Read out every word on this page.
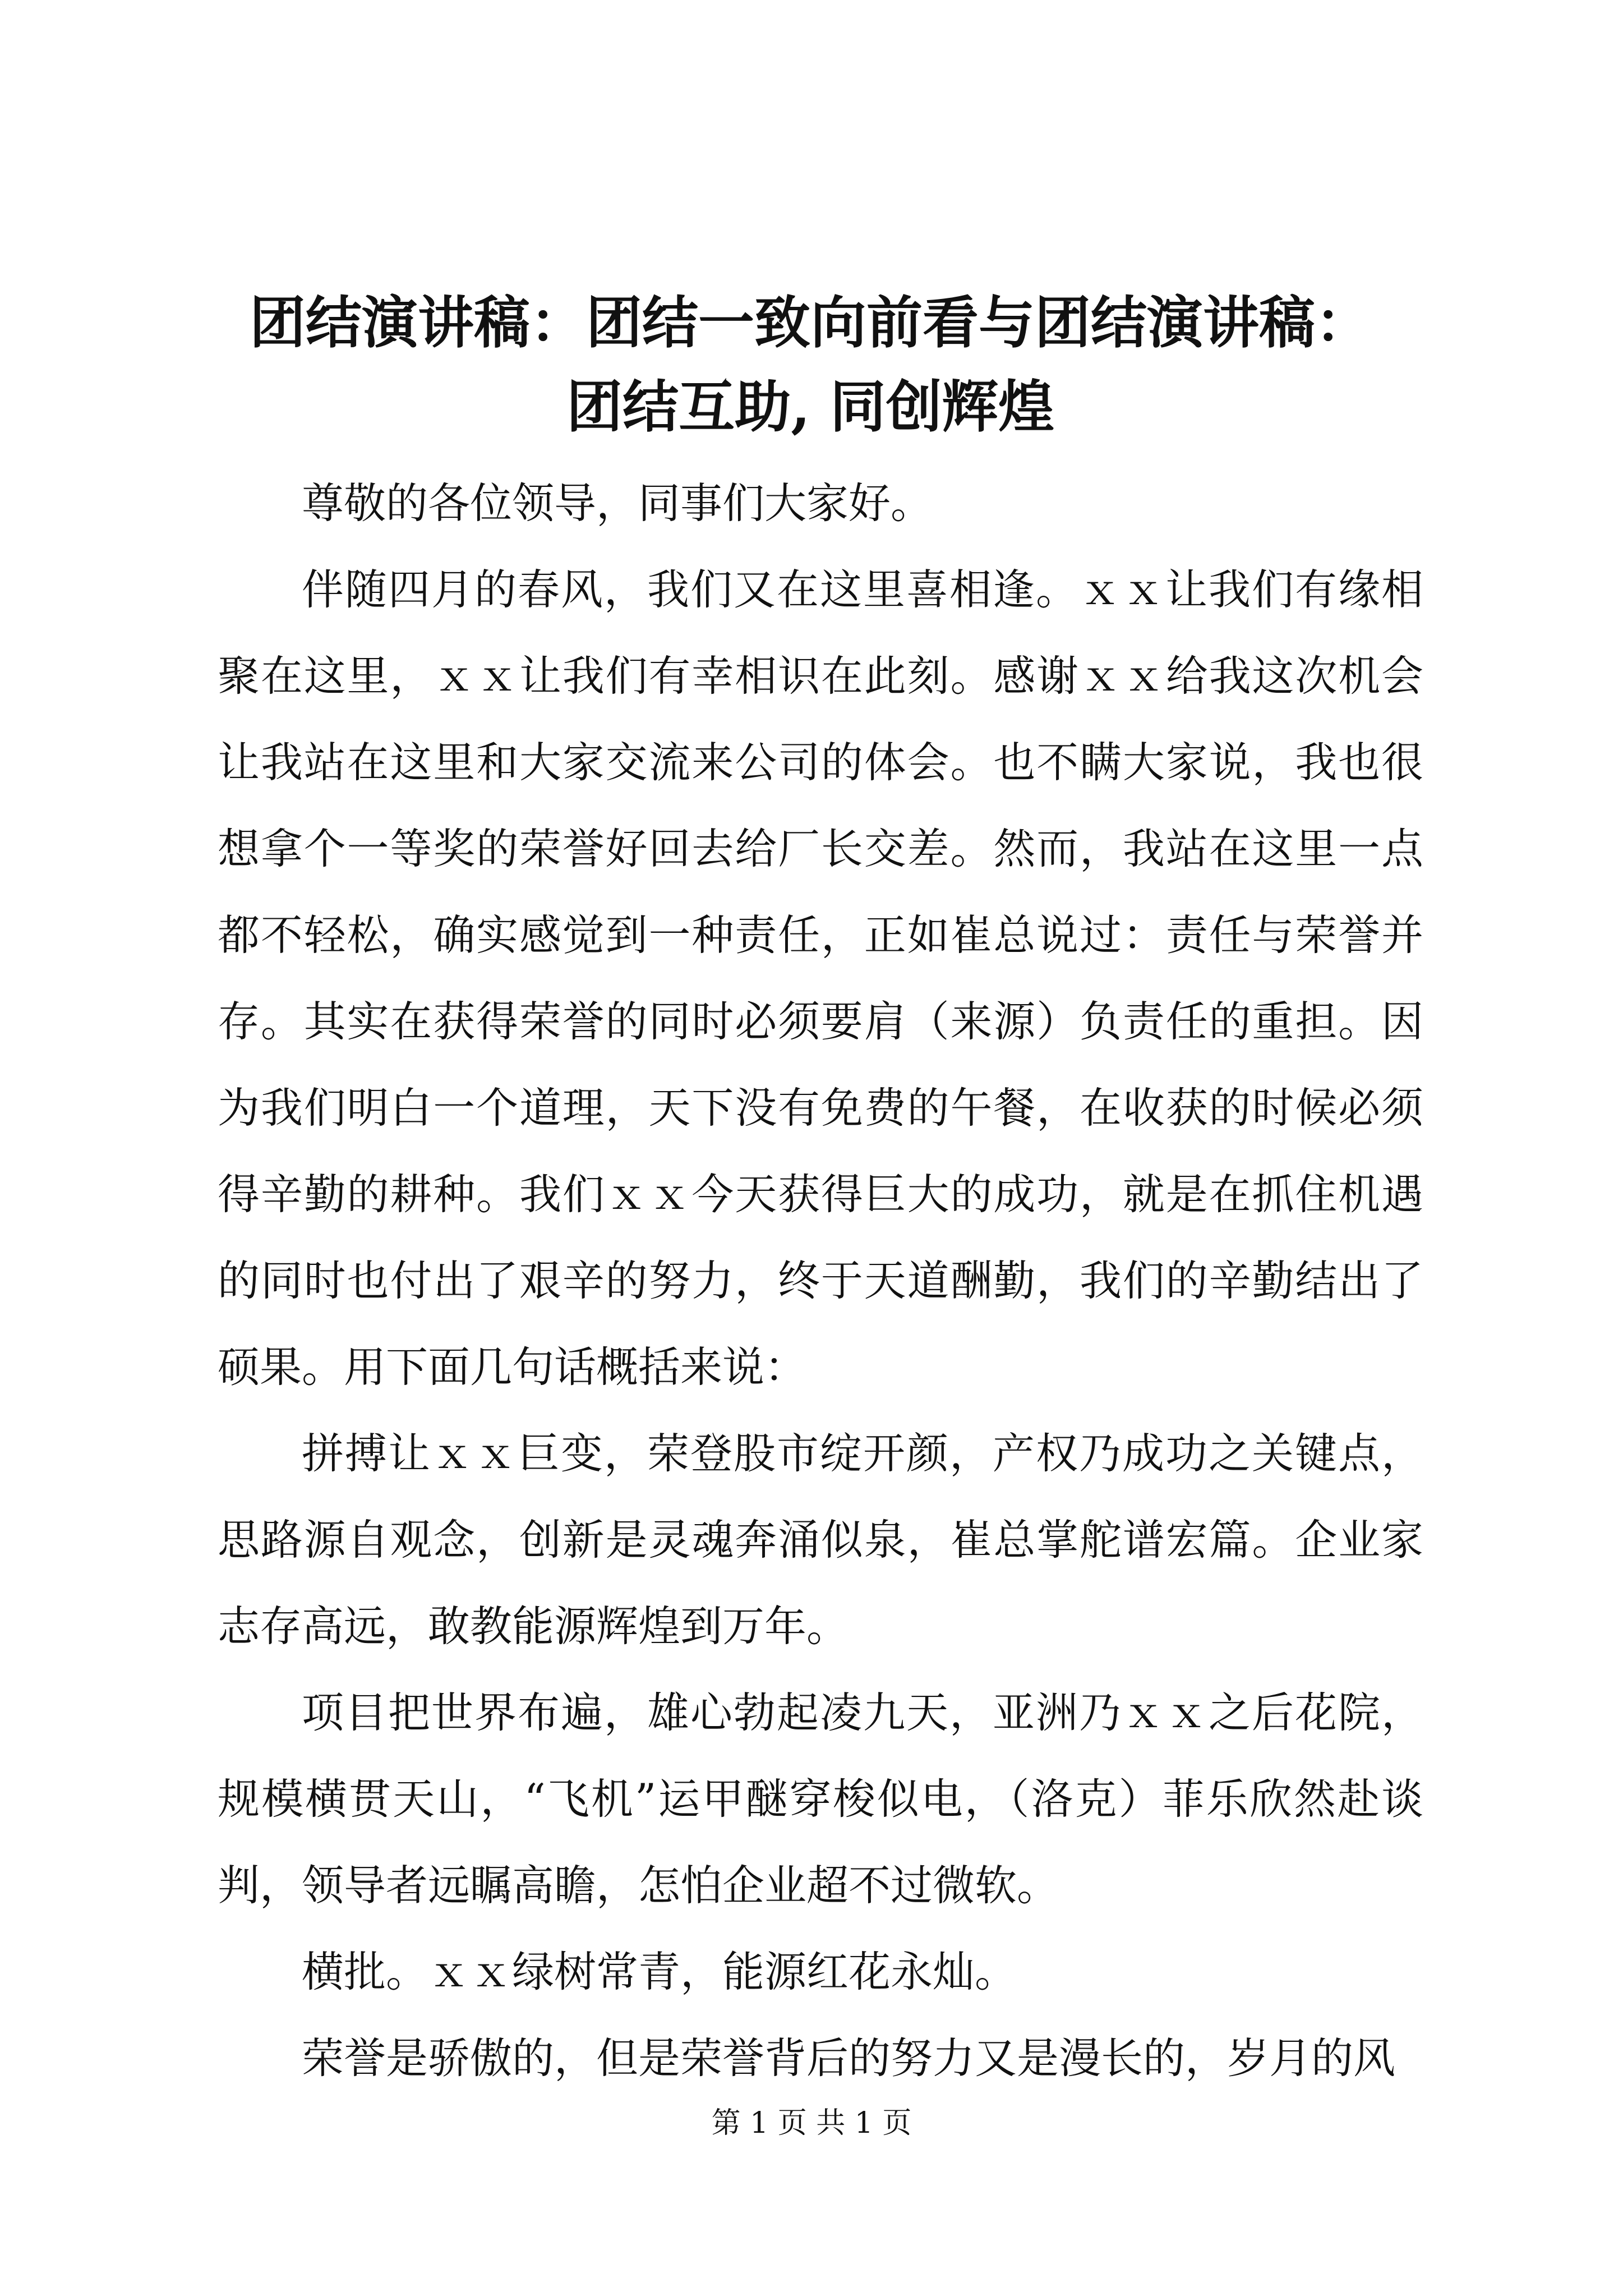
团结演讲稿：团结一致向前看与团结演讲稿：
团结互助, 同创辉煌

尊敬的各位领导，同事们大家好。

伴随四月的春风，我们又在这里喜相逢。ｘｘ让我们有缘相聚在这里，ｘｘ让我们有幸相识在此刻。感谢ｘｘ给我这次机会让我站在这里和大家交流来公司的体会。也不瞒大家说，我也很想拿个一等奖的荣誉好回去给厂长交差。然而，我站在这里一点都不轻松，确实感觉到一种责任，正如崔总说过：责任与荣誉并存。其实在获得荣誉的同时必须要肩（来源）负责任的重担。因为我们明白一个道理，天下没有免费的午餐，在收获的时候必须得辛勤的耕种。我们ｘｘ今天获得巨大的成功，就是在抓住机遇的同时也付出了艰辛的努力，终于天道酬勤，我们的辛勤结出了硕果。用下面几句话概括来说：

拼搏让ｘｘ巨变，荣登股市绽开颜，产权乃成功之关键点，思路源自观念，创新是灵魂奔涌似泉，崔总掌舵谱宏篇。企业家志存高远，敢教能源辉煌到万年。

项目把世界布遍，雄心勃起凌九天，亚洲乃ｘｘ之后花院，规模横贯天山，“飞机”运甲醚穿梭似电，（洛克）菲乐欣然赴谈判，领导者远瞩高瞻，怎怕企业超不过微软。

横批。ｘｘ绿树常青，能源红花永灿。

荣誉是骄傲的，但是荣誉背后的努力又是漫长的，岁月的风

第 1 页 共 1 页
